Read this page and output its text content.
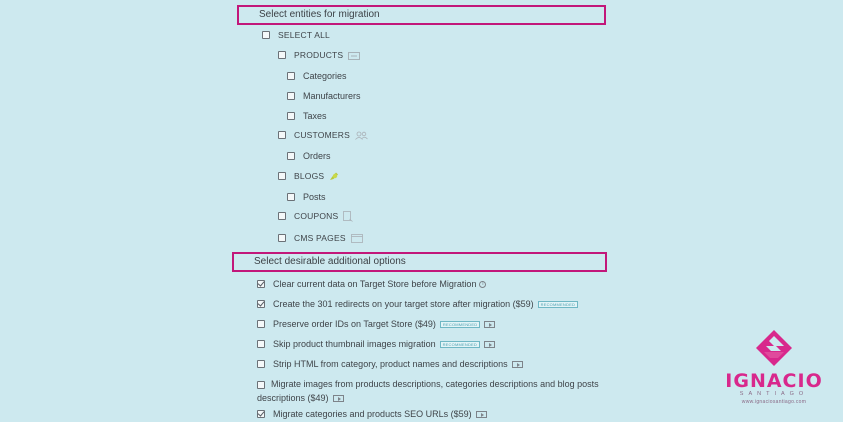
Select entities for migration
SELECT ALL
PRODUCTS
Categories
Manufacturers
Taxes
CUSTOMERS
Orders
BLOGS
Posts
COUPONS
CMS PAGES
Select desirable additional options
Clear current data on Target Store before Migration	i
Create the 301 redirects on your target store after migration ($59)	RECOMMENDED
Preserve order IDs on Target Store ($49)	RECOMMENDED
Skip product thumbnail images migration	RECOMMENDED
Strip HTML from category, product names and descriptions
Migrate images from products descriptions, categories descriptions and blog posts
descriptions ($49)
Migrate categories and products SEO URLs ($59)
IGNACIO
SANTIAGO
www.ignaciosantiago.com
